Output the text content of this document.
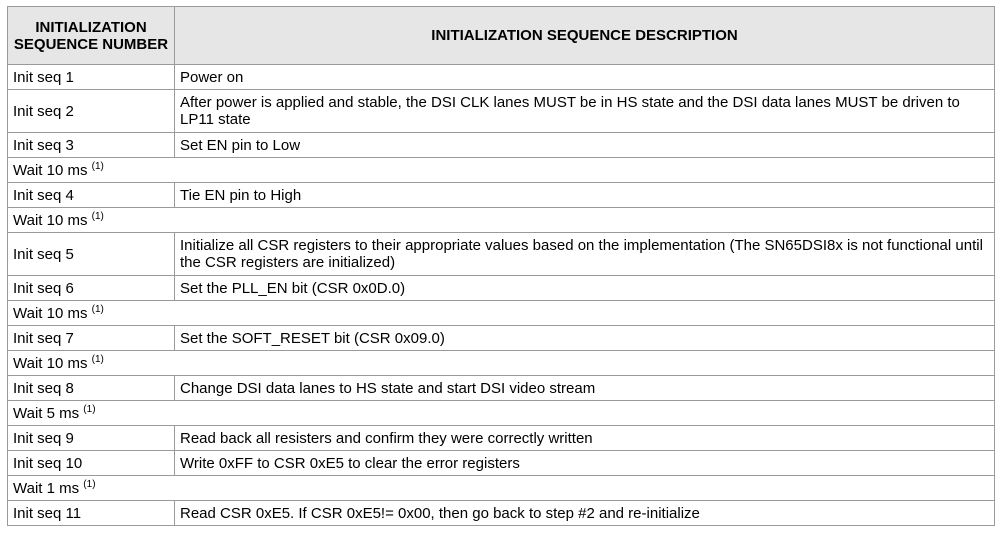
INITIALIZATION SEQUENCE NUMBER	INITIALIZATION SEQUENCE DESCRIPTION
Init seq 1	Power on
Init seq 2	After power is applied and stable, the DSI CLK lanes MUST be in HS state and the DSI data lanes MUST be driven to LP11 state
Init seq 3	Set EN pin to Low
Wait 10 ms $^{(1)}$
Init seq 4	Tie EN pin to High
Wait 10 ms $^{(1)}$
Init seq 5	Initialize all CSR registers to their appropriate values based on the implementation (The SN65DSI8x is not functional until the CSR registers are initialized)
Init seq 6	Set the PLL_EN bit (CSR 0x0D.0)
Wait 10 ms $^{(1)}$
Init seq 7	Set the SOFT_RESET bit (CSR 0x09.0)
Wait 10 ms $^{(1)}$
Init seq 8	Change DSI data lanes to HS state and start DSI video stream
Wait 5 ms $^{(1)}$
Init seq 9	Read back all resisters and confirm they were correctly written
Init seq 10	Write 0xFF to CSR 0xE5 to clear the error registers
Wait 1 ms $^{(1)}$
Init seq 11	Read CSR 0xE5. If CSR 0xE5!= 0x00, then go back to step #2 and re-initialize
